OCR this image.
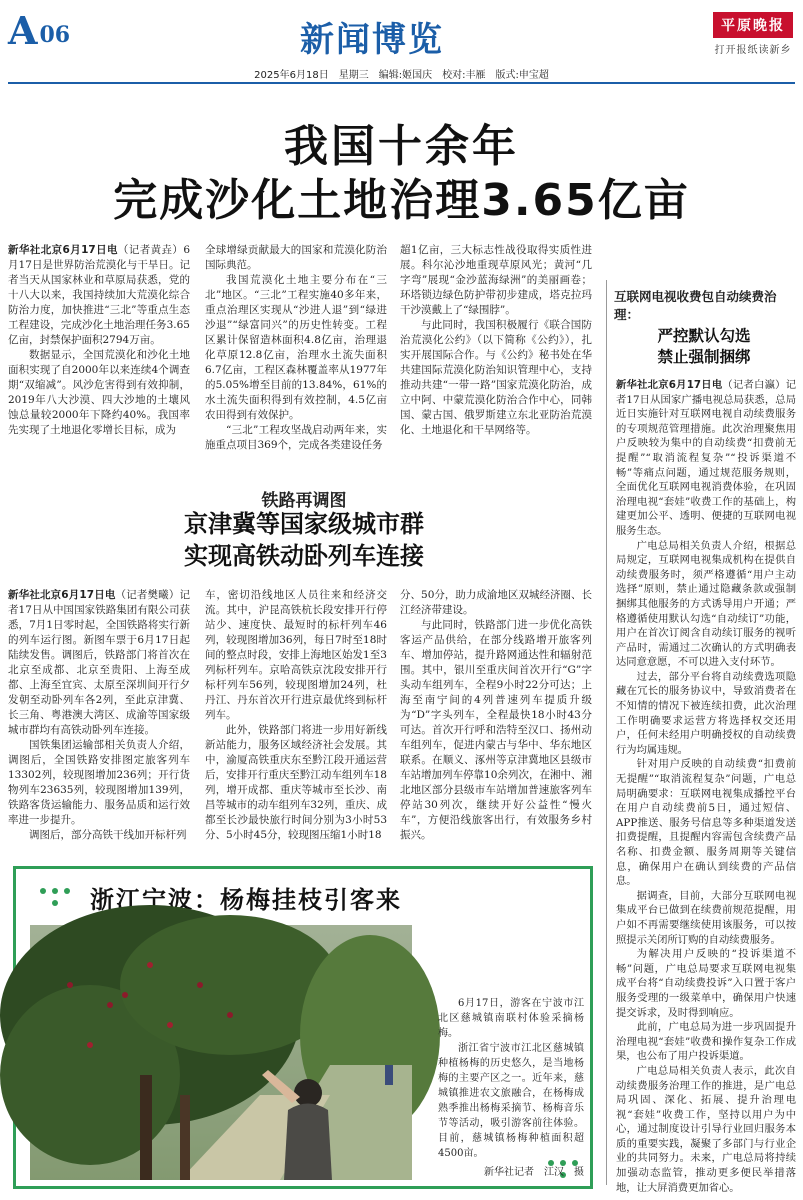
A06	新闻博览	平原晚报
打开报纸读新乡
2025年6月18日　星期三　编辑:姬国庆　校对:丰雁　版式:申宝超
我国十余年
完成沙化土地治理3.65亿亩

新华社北京6月17日电（记者黄垚）6月17日是世界防治荒漠化与干旱日。记者当天从国家林业和草原局获悉，党的十八大以来，我国持续加大荒漠化综合防治力度，加快推进“三北”等重点生态工程建设，完成沙化土地治理任务3.65亿亩，封禁保护面积2794万亩。

数据显示，全国荒漠化和沙化土地面积实现了自2000年以来连续4个调查期“双缩减”。风沙危害得到有效抑制，2019年八大沙漠、四大沙地的土壤风蚀总量较2000年下降约40%。我国率先实现了土地退化零增长目标，成为

全球增绿贡献最大的国家和荒漠化防治国际典范。

我国荒漠化土地主要分布在“三北”地区。“三北”工程实施40多年来，重点治理区实现从“沙进人退”到“绿进沙退”“绿富同兴”的历史性转变。工程区累计保留造林面积4.8亿亩，治理退化草原12.8亿亩，治理水土流失面积6.7亿亩，工程区森林覆盖率从1977年的5.05%增至目前的13.84%，61%的水土流失面积得到有效控制，4.5亿亩农田得到有效保护。

“三北”工程攻坚战启动两年来，实施重点项目369个，完成各类建设任务

超1亿亩，三大标志性战役取得实质性进展。科尔沁沙地重现草原风光；黄河“几字弯”展现“金沙蓝海绿洲”的美丽画卷；环塔锁边绿色防护带初步建成，塔克拉玛干沙漠戴上了“绿围脖”。

与此同时，我国积极履行《联合国防治荒漠化公约》（以下简称《公约》），扎实开展国际合作。与《公约》秘书处在华共建国际荒漠化防治知识管理中心，支持推动共建“一带一路”国家荒漠化防治，成立中阿、中蒙荒漠化防治合作中心，同韩国、蒙古国、俄罗斯建立东北亚防治荒漠化、土地退化和干旱网络等。

铁路再调图
京津冀等国家级城市群
实现高铁动卧列车连接

新华社北京6月17日电（记者樊曦）记者17日从中国国家铁路集团有限公司获悉，7月1日零时起，全国铁路将实行新的列车运行图。新图车票于6月17日起陆续发售。调图后，铁路部门将首次在北京至成都、北京至贵阳、上海至成都、上海至宜宾、太原至深圳间开行夕发朝至动卧列车各2列，至此京津冀、长三角、粤港澳大湾区、成渝等国家级城市群均有高铁动卧列车连接。

国铁集团运输部相关负责人介绍，调图后，全国铁路安排图定旅客列车13302列，较现图增加236列；开行货物列车23635列，较现图增加139列，铁路客货运输能力、服务品质和运行效率进一步提升。

调图后，部分高铁干线加开标杆列

车，密切沿线地区人员往来和经济交流。其中，沪昆高铁杭长段安排开行停站少、速度快、最短时的标杆列车46列，较现图增加36列，每日7时至18时间的整点时段，安排上海地区始发1至3列标杆列车。京哈高铁京沈段安排开行标杆列车56列，较现图增加24列，杜丹江、丹东首次开行进京最优终到标杆列车。

此外，铁路部门将进一步用好新线新站能力，服务区域经济社会发展。其中，渝厦高铁重庆东至黔江段开通运营后，安排开行重庆至黔江动车组列车18列，增开成都、重庆等城市至长沙、南昌等城市的动车组列车32列，重庆、成都至长沙最快旅行时间分别为3小时53分、5小时45分，较现图压缩1小时18

分、50分，助力成渝地区双城经济圈、长江经济带建设。

与此同时，铁路部门进一步优化高铁客运产品供给，在部分线路增开旅客列车、增加停站，提升路网通达性和辐射范围。其中，银川至重庆间首次开行“G”字头动车组列车，全程9小时22分可达；上海至南宁间的4列普速列车提质升级为“D”字头列车，全程最快18小时43分可达。首次开行呼和浩特至汉口、扬州动车组列车，促进内蒙古与华中、华东地区联系。在顺义、涿州等京津冀地区县级市车站增加列车停靠10余列次，在湘中、湘北地区部分县级市车站增加普速旅客列车停站30列次，继续开好公益性“慢火车”，方便沿线旅客出行，有效服务乡村振兴。

互联网电视收费包自动续费治理：
严控默认勾选
禁止强制捆绑

新华社北京6月17日电（记者白瀛）记者17日从国家广播电视总局获悉，总局近日实施针对互联网电视自动续费服务的专项规范管理措施。此次治理聚焦用户反映较为集中的自动续费“扣费前无提醒”“取消流程复杂”“投诉渠道不畅”等痛点问题，通过规范服务规则，全面优化互联网电视消费体验，在巩固治理电视“套娃”收费工作的基础上，构建更加公平、透明、便捷的互联网电视服务生态。

广电总局相关负责人介绍，根据总局规定，互联网电视集成机构在提供自动续费服务时，须严格遵循“用户主动选择”原则，禁止通过隐藏条款或强制捆绑其他服务的方式诱导用户开通；严格遵循使用默认勾选“自动续订”功能，用户在首次订阅含自动续订服务的视听产品时，需通过二次确认的方式明确表达同意意愿，不可以进入支付环节。

过去，部分平台将自动续费选项隐藏在冗长的服务协议中，导致消费者在不知情的情况下被连续扣费，此次治理工作明确要求运营方将选择权交还用户，任何未经用户明确授权的自动续费行为均属违规。

针对用户反映的自动续费“扣费前无提醒”“取消流程复杂”问题，广电总局明确要求：互联网电视集成播控平台在用户自动续费前5日，通过短信、APP推送、服务号信息等多种渠道发送扣费提醒，且提醒内容需包含续费产品名称、扣费金额、服务周期等关键信息，确保用户在确认到续费的产品信息。

据调查，目前，大部分互联网电视集成平台已做到在续费前规范提醒，用户如不再需要继续使用该服务，可以按照提示关闭所订购的自动续费服务。

为解决用户反映的“投诉渠道不畅”问题，广电总局要求互联网电视集成平台将“自动续费投诉”入口置于客户服务受理的一级菜单中，确保用户快速提交诉求，及时得到响应。

此前，广电总局为进一步巩固提升治理电视“套娃”收费和操作复杂工作成果，也公布了用户投诉渠道。

广电总局相关负责人表示，此次自动续费服务治理工作的推进，是广电总局巩固、深化、拓展、提升治理电视“套娃”收费工作，坚持以用户为中心，通过制度设计引导行业回归服务本质的重要实践，凝聚了多部门与行业企业的共同努力。未来，广电总局将持续加强动态监管，推动更多便民举措落地，让大屏消费更加省心。

浙江宁波：杨梅挂枝引客来

6月17日，游客在宁波市江北区慈城镇南联村体验采摘杨梅。

浙江省宁波市江北区慈城镇种植杨梅的历史悠久，是当地杨梅的主要产区之一。近年来，慈城镇推进农文旅融合，在杨梅成熟季推出杨梅采摘节、杨梅音乐节等活动，吸引游客前往体验。目前，慈城镇杨梅种植面积超4500亩。

新华社记者　江汉　摄
